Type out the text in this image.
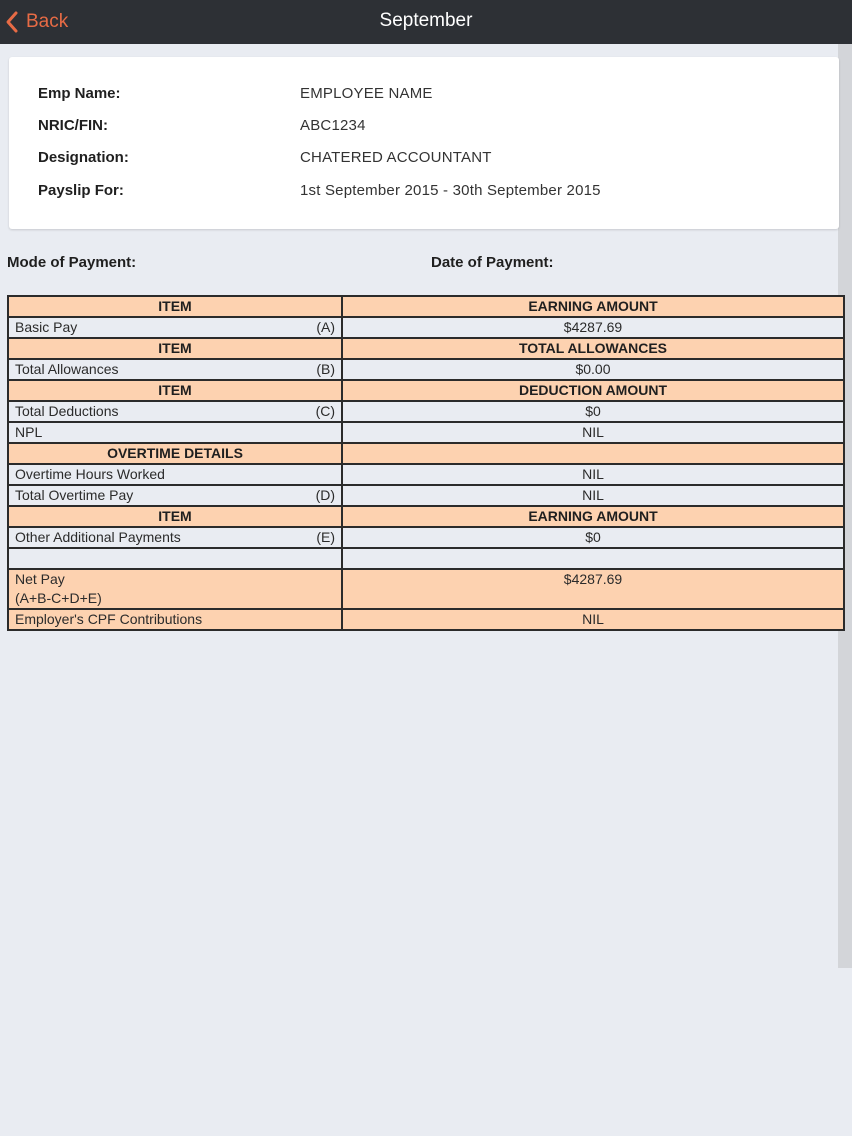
Back	September
Emp Name:	EMPLOYEE NAME
NRIC/FIN:	ABC1234
Designation:	CHATERED ACCOUNTANT
Payslip For:	1st September 2015 - 30th September 2015
Mode of Payment:	Date of Payment:
ITEM	EARNING AMOUNT

Basic Pay (A)	$4287.69
ITEM	TOTAL ALLOWANCES

Total Allowances (B)	$0.00
ITEM	DEDUCTION AMOUNT

Total Deductions (C)	$0
NPL	NIL
OVERTIME DETAILS	
Overtime Hours Worked	NIL

Total Overtime Pay (D)	NIL
ITEM	EARNING AMOUNT

Other Additional Payments (E)	$0

Net Pay
(A+B-C+D+E)	$4287.69
Employer's CPF Contributions	NIL
